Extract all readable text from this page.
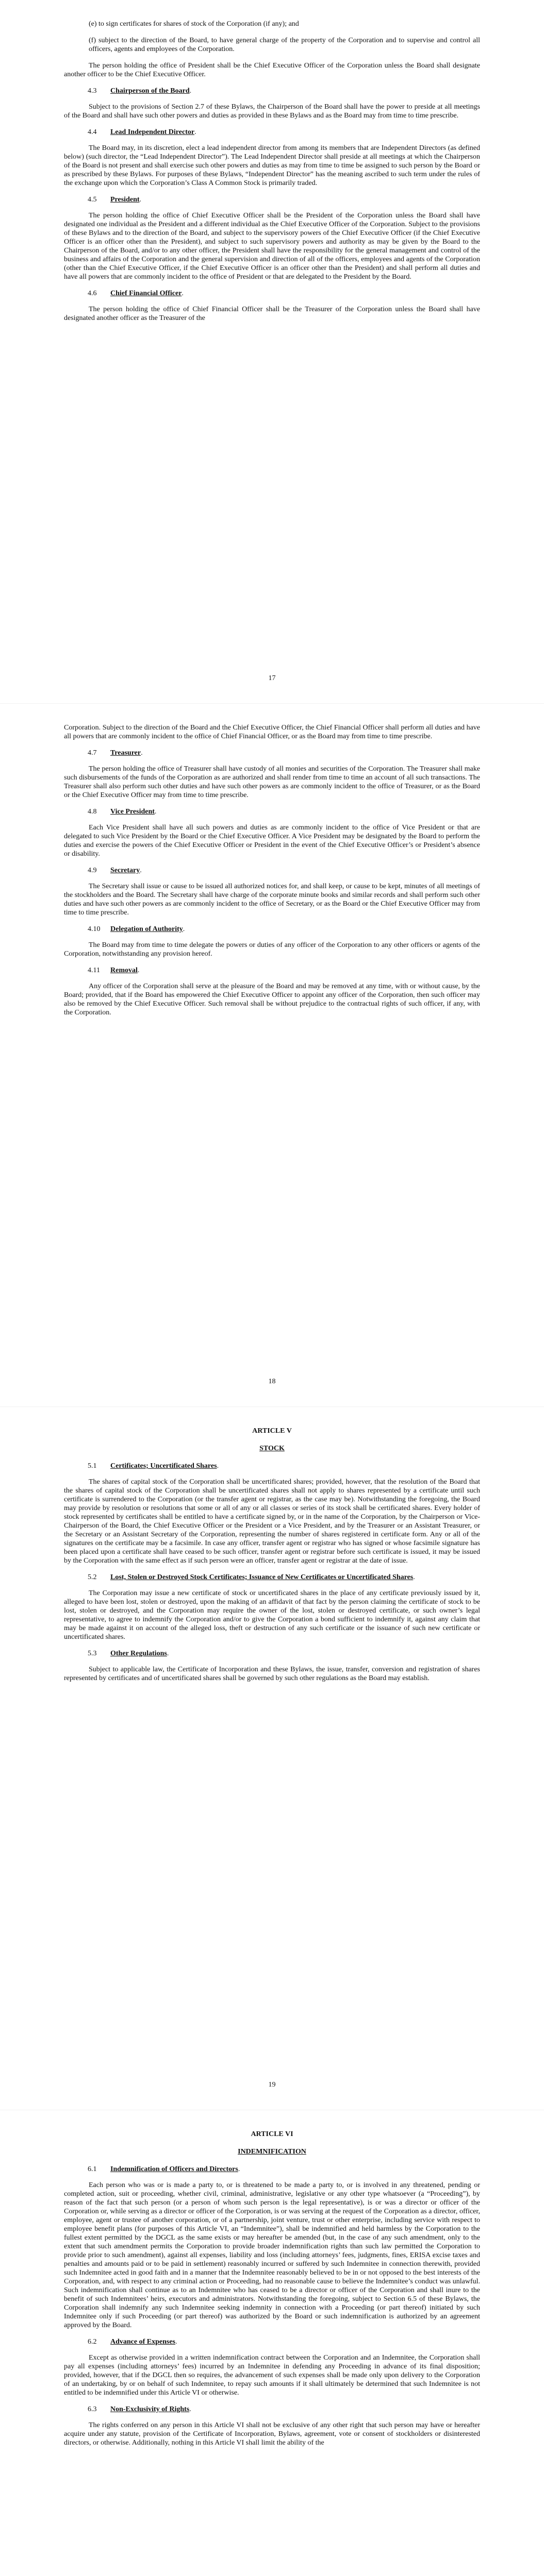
(e) to sign certificates for shares of stock of the Corporation (if any); and

(f) subject to the direction of the Board, to have general charge of the property of the Corporation and to supervise and control all officers, agents and employees of the Corporation.

The person holding the office of President shall be the Chief Executive Officer of the Corporation unless the Board shall designate another officer to be the Chief Executive Officer.

4.3 Chairperson of the Board.

Subject to the provisions of Section 2.7 of these Bylaws, the Chairperson of the Board shall have the power to preside at all meetings of the Board and shall have such other powers and duties as provided in these Bylaws and as the Board may from time to time prescribe.

4.4 Lead Independent Director.

The Board may, in its discretion, elect a lead independent director from among its members that are Independent Directors (as defined below) (such director, the “Lead Independent Director”). The Lead Independent Director shall preside at all meetings at which the Chairperson of the Board is not present and shall exercise such other powers and duties as may from time to time be assigned to such person by the Board or as prescribed by these Bylaws. For purposes of these Bylaws, “Independent Director” has the meaning ascribed to such term under the rules of the exchange upon which the Corporation’s Class A Common Stock is primarily traded.

4.5 President.

The person holding the office of Chief Executive Officer shall be the President of the Corporation unless the Board shall have designated one individual as the President and a different individual as the Chief Executive Officer of the Corporation. Subject to the provisions of these Bylaws and to the direction of the Board, and subject to the supervisory powers of the Chief Executive Officer (if the Chief Executive Officer is an officer other than the President), and subject to such supervisory powers and authority as may be given by the Board to the Chairperson of the Board, and/or to any other officer, the President shall have the responsibility for the general management and control of the business and affairs of the Corporation and the general supervision and direction of all of the officers, employees and agents of the Corporation (other than the Chief Executive Officer, if the Chief Executive Officer is an officer other than the President) and shall perform all duties and have all powers that are commonly incident to the office of President or that are delegated to the President by the Board.

4.6 Chief Financial Officer.

The person holding the office of Chief Financial Officer shall be the Treasurer of the Corporation unless the Board shall have designated another officer as the Treasurer of the

17

Corporation. Subject to the direction of the Board and the Chief Executive Officer, the Chief Financial Officer shall perform all duties and have all powers that are commonly incident to the office of Chief Financial Officer, or as the Board may from time to time prescribe.

4.7 Treasurer.

The person holding the office of Treasurer shall have custody of all monies and securities of the Corporation. The Treasurer shall make such disbursements of the funds of the Corporation as are authorized and shall render from time to time an account of all such transactions. The Treasurer shall also perform such other duties and have such other powers as are commonly incident to the office of Treasurer, or as the Board or the Chief Executive Officer may from time to time prescribe.

4.8 Vice President.

Each Vice President shall have all such powers and duties as are commonly incident to the office of Vice President or that are delegated to such Vice President by the Board or the Chief Executive Officer. A Vice President may be designated by the Board to perform the duties and exercise the powers of the Chief Executive Officer or President in the event of the Chief Executive Officer’s or President’s absence or disability.

4.9 Secretary.

The Secretary shall issue or cause to be issued all authorized notices for, and shall keep, or cause to be kept, minutes of all meetings of the stockholders and the Board. The Secretary shall have charge of the corporate minute books and similar records and shall perform such other duties and have such other powers as are commonly incident to the office of Secretary, or as the Board or the Chief Executive Officer may from time to time prescribe.

4.10 Delegation of Authority.

The Board may from time to time delegate the powers or duties of any officer of the Corporation to any other officers or agents of the Corporation, notwithstanding any provision hereof.

4.11 Removal.

Any officer of the Corporation shall serve at the pleasure of the Board and may be removed at any time, with or without cause, by the Board; provided, that if the Board has empowered the Chief Executive Officer to appoint any officer of the Corporation, then such officer may also be removed by the Chief Executive Officer. Such removal shall be without prejudice to the contractual rights of such officer, if any, with the Corporation.

18
ARTICLE V
STOCK
5.1 Certificates; Uncertificated Shares.

The shares of capital stock of the Corporation shall be uncertificated shares; provided, however, that the resolution of the Board that the shares of capital stock of the Corporation shall be uncertificated shares shall not apply to shares represented by a certificate until such certificate is surrendered to the Corporation (or the transfer agent or registrar, as the case may be). Notwithstanding the foregoing, the Board may provide by resolution or resolutions that some or all of any or all classes or series of its stock shall be certificated shares. Every holder of stock represented by certificates shall be entitled to have a certificate signed by, or in the name of the Corporation, by the Chairperson or Vice-Chairperson of the Board, the Chief Executive Officer or the President or a Vice President, and by the Treasurer or an Assistant Treasurer, or the Secretary or an Assistant Secretary of the Corporation, representing the number of shares registered in certificate form. Any or all of the signatures on the certificate may be a facsimile. In case any officer, transfer agent or registrar who has signed or whose facsimile signature has been placed upon a certificate shall have ceased to be such officer, transfer agent or registrar before such certificate is issued, it may be issued by the Corporation with the same effect as if such person were an officer, transfer agent or registrar at the date of issue.

5.2 Lost, Stolen or Destroyed Stock Certificates; Issuance of New Certificates or Uncertificated Shares.

The Corporation may issue a new certificate of stock or uncertificated shares in the place of any certificate previously issued by it, alleged to have been lost, stolen or destroyed, upon the making of an affidavit of that fact by the person claiming the certificate of stock to be lost, stolen or destroyed, and the Corporation may require the owner of the lost, stolen or destroyed certificate, or such owner’s legal representative, to agree to indemnify the Corporation and/or to give the Corporation a bond sufficient to indemnify it, against any claim that may be made against it on account of the alleged loss, theft or destruction of any such certificate or the issuance of such new certificate or uncertificated shares.

5.3 Other Regulations.

Subject to applicable law, the Certificate of Incorporation and these Bylaws, the issue, transfer, conversion and registration of shares represented by certificates and of uncertificated shares shall be governed by such other regulations as the Board may establish.

19
ARTICLE VI
INDEMNIFICATION
6.1 Indemnification of Officers and Directors.

Each person who was or is made a party to, or is threatened to be made a party to, or is involved in any threatened, pending or completed action, suit or proceeding, whether civil, criminal, administrative, legislative or any other type whatsoever (a “Proceeding”), by reason of the fact that such person (or a person of whom such person is the legal representative), is or was a director or officer of the Corporation or, while serving as a director or officer of the Corporation, is or was serving at the request of the Corporation as a director, officer, employee, agent or trustee of another corporation, or of a partnership, joint venture, trust or other enterprise, including service with respect to employee benefit plans (for purposes of this Article VI, an “Indemnitee”), shall be indemnified and held harmless by the Corporation to the fullest extent permitted by the DGCL as the same exists or may hereafter be amended (but, in the case of any such amendment, only to the extent that such amendment permits the Corporation to provide broader indemnification rights than such law permitted the Corporation to provide prior to such amendment), against all expenses, liability and loss (including attorneys’ fees, judgments, fines, ERISA excise taxes and penalties and amounts paid or to be paid in settlement) reasonably incurred or suffered by such Indemnitee in connection therewith, provided such Indemnitee acted in good faith and in a manner that the Indemnitee reasonably believed to be in or not opposed to the best interests of the Corporation, and, with respect to any criminal action or Proceeding, had no reasonable cause to believe the Indemnitee’s conduct was unlawful. Such indemnification shall continue as to an Indemnitee who has ceased to be a director or officer of the Corporation and shall inure to the benefit of such Indemnitees’ heirs, executors and administrators. Notwithstanding the foregoing, subject to Section 6.5 of these Bylaws, the Corporation shall indemnify any such Indemnitee seeking indemnity in connection with a Proceeding (or part thereof) initiated by such Indemnitee only if such Proceeding (or part thereof) was authorized by the Board or such indemnification is authorized by an agreement approved by the Board.

6.2 Advance of Expenses.

Except as otherwise provided in a written indemnification contract between the Corporation and an Indemnitee, the Corporation shall pay all expenses (including attorneys’ fees) incurred by an Indemnitee in defending any Proceeding in advance of its final disposition; provided, however, that if the DGCL then so requires, the advancement of such expenses shall be made only upon delivery to the Corporation of an undertaking, by or on behalf of such Indemnitee, to repay such amounts if it shall ultimately be determined that such Indemnitee is not entitled to be indemnified under this Article VI or otherwise.

6.3 Non-Exclusivity of Rights.

The rights conferred on any person in this Article VI shall not be exclusive of any other right that such person may have or hereafter acquire under any statute, provision of the Certificate of Incorporation, Bylaws, agreement, vote or consent of stockholders or disinterested directors, or otherwise. Additionally, nothing in this Article VI shall limit the ability of the
